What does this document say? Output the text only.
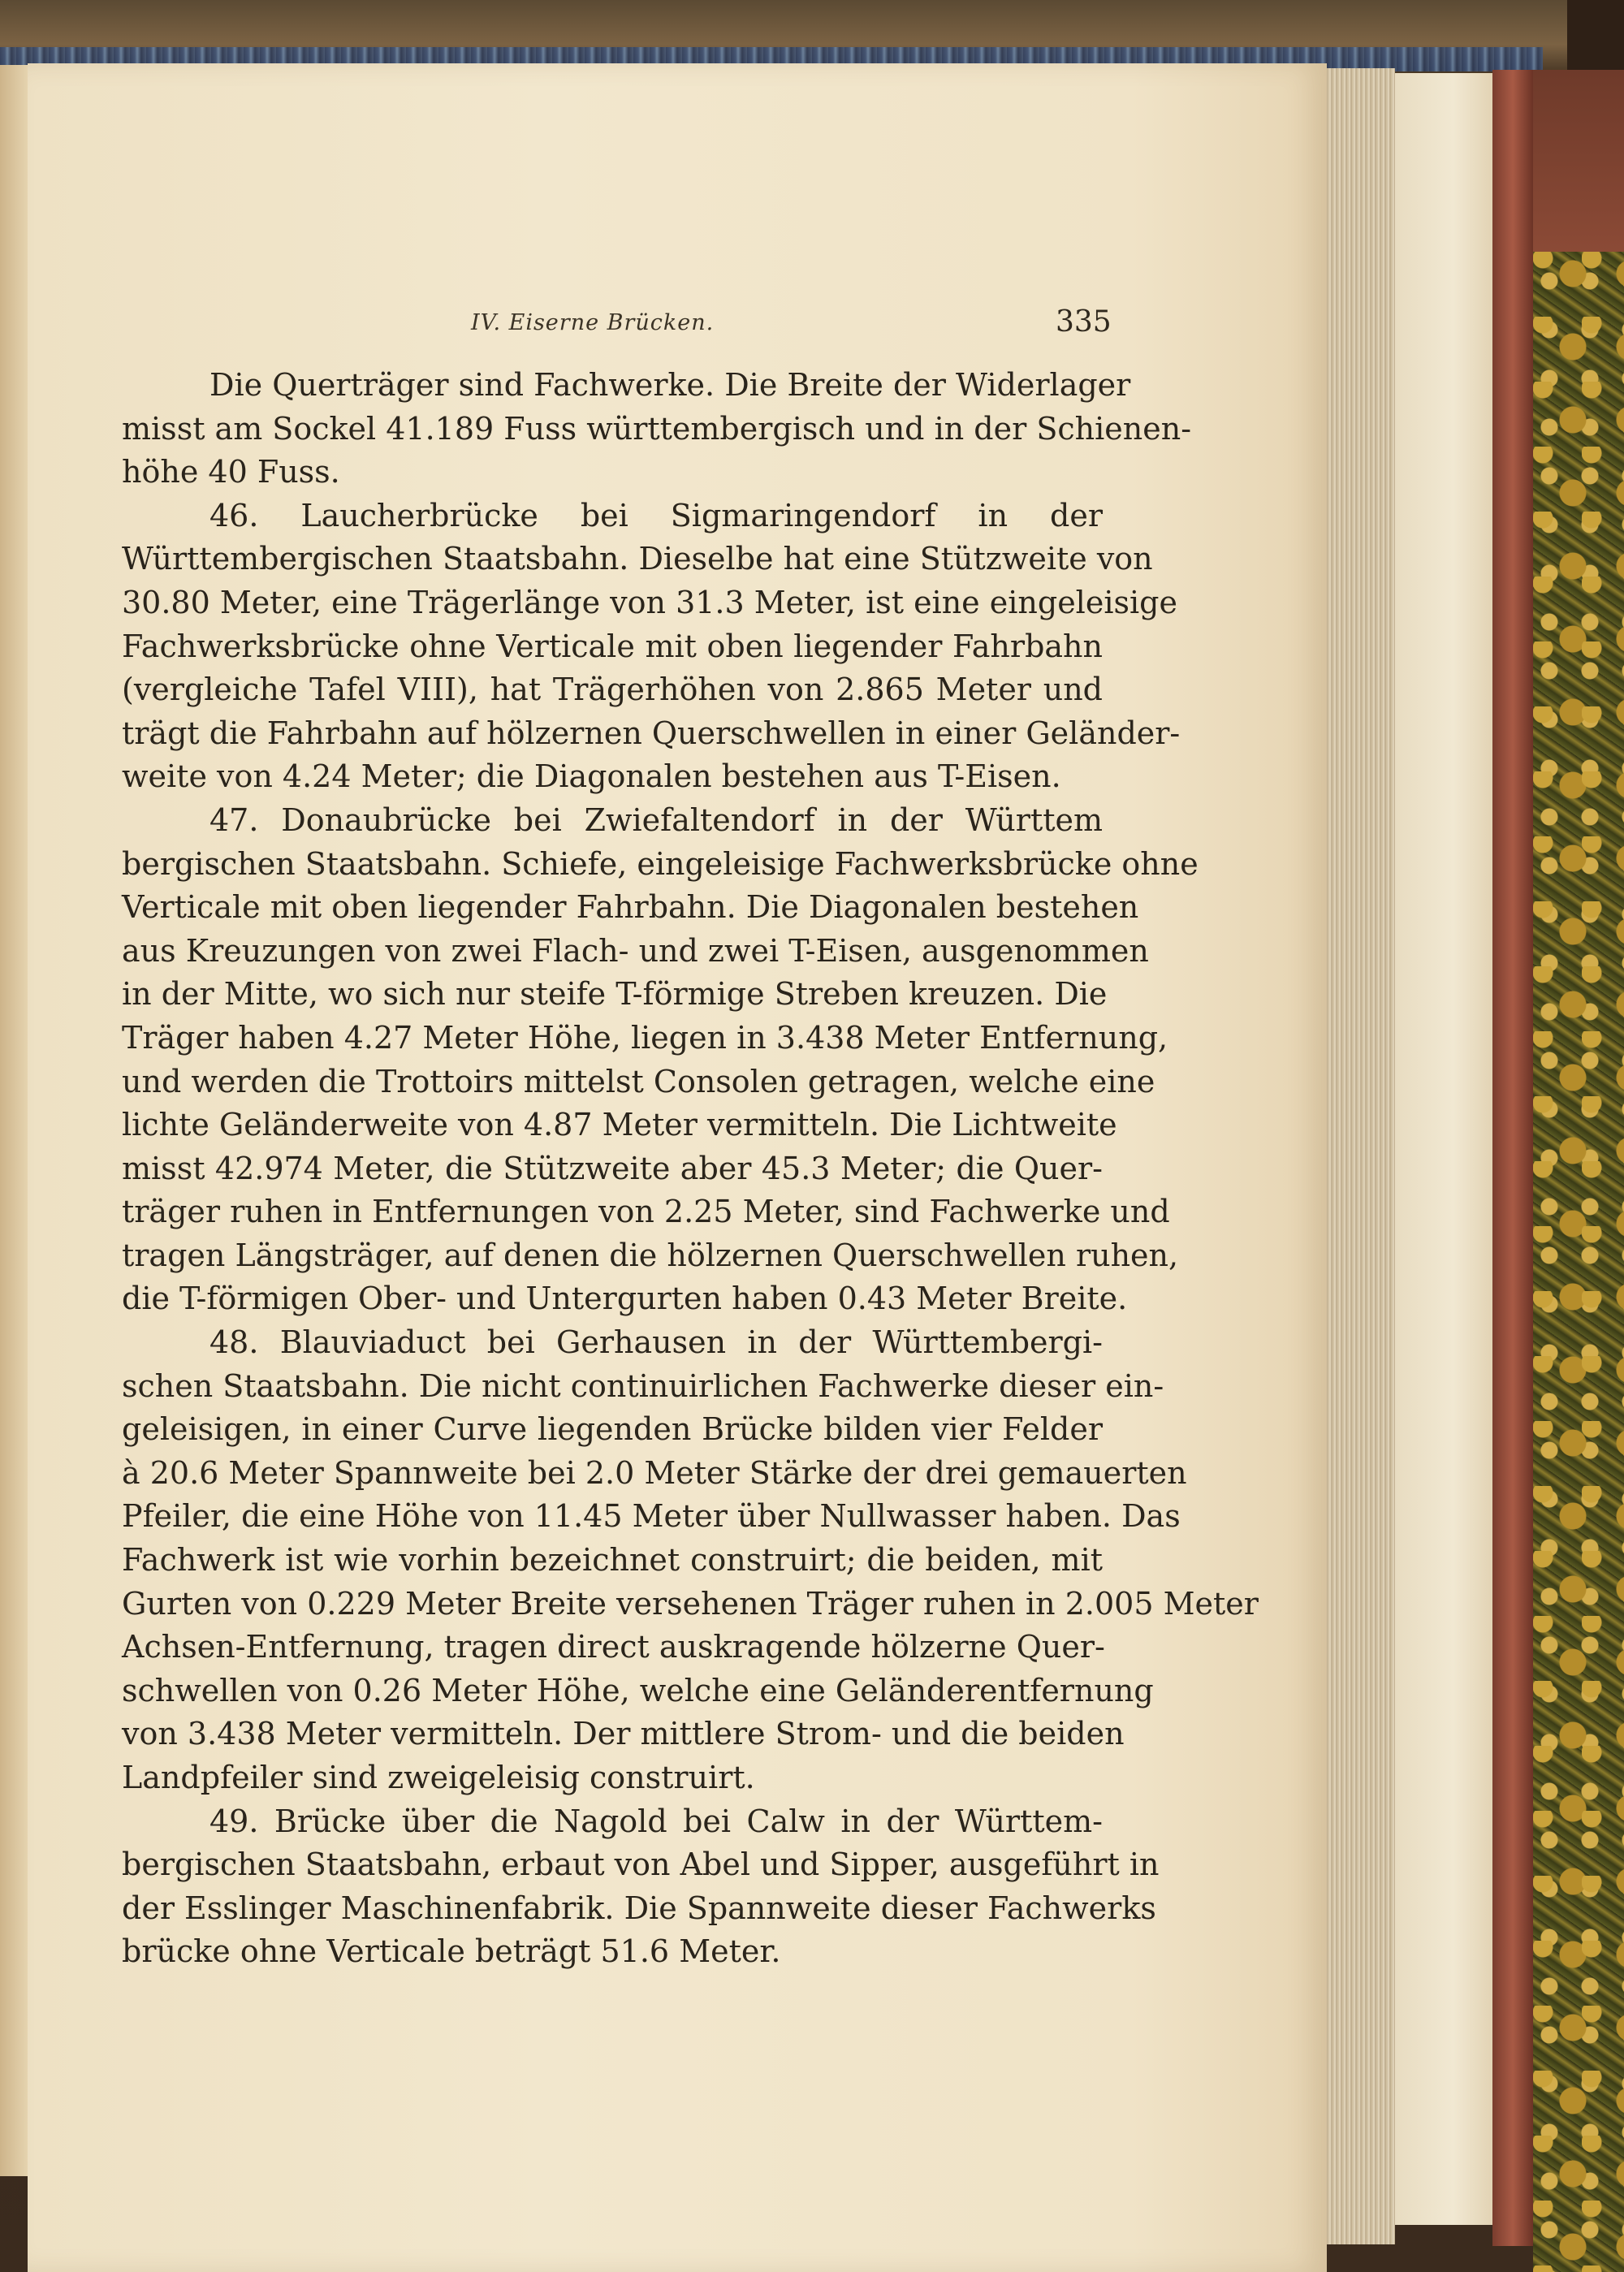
IV. Eiserne Brücken.	335
Die Querträger sind Fachwerke. Die Breite der Widerlager
misst am Sockel 41.189 Fuss württembergisch und in der Schienen-
höhe 40 Fuss.
46. Laucherbrücke bei Sigmaringendorf in der
Württembergischen Staatsbahn. Dieselbe hat eine Stützweite von
30.80 Meter, eine Trägerlänge von 31.3 Meter, ist eine eingeleisige
Fachwerksbrücke ohne Verticale mit oben liegender Fahrbahn
(vergleiche Tafel VIII), hat Trägerhöhen von 2.865 Meter und
trägt die Fahrbahn auf hölzernen Querschwellen in einer Geländer-
weite von 4.24 Meter; die Diagonalen bestehen aus T-Eisen.
47. Donaubrücke bei Zwiefaltendorf in der Württem
bergischen Staatsbahn. Schiefe, eingeleisige Fachwerksbrücke ohne
Verticale mit oben liegender Fahrbahn. Die Diagonalen bestehen
aus Kreuzungen von zwei Flach- und zwei T-Eisen, ausgenommen
in der Mitte, wo sich nur steife T-förmige Streben kreuzen. Die
Träger haben 4.27 Meter Höhe, liegen in 3.438 Meter Entfernung,
und werden die Trottoirs mittelst Consolen getragen, welche eine
lichte Geländerweite von 4.87 Meter vermitteln. Die Lichtweite
misst 42.974 Meter, die Stützweite aber 45.3 Meter; die Quer-
träger ruhen in Entfernungen von 2.25 Meter, sind Fachwerke und
tragen Längsträger, auf denen die hölzernen Querschwellen ruhen,
die T-förmigen Ober- und Untergurten haben 0.43 Meter Breite.
48. Blauviaduct bei Gerhausen in der Württembergi-
schen Staatsbahn. Die nicht continuirlichen Fachwerke dieser ein-
geleisigen, in einer Curve liegenden Brücke bilden vier Felder
à 20.6 Meter Spannweite bei 2.0 Meter Stärke der drei gemauerten
Pfeiler, die eine Höhe von 11.45 Meter über Nullwasser haben. Das
Fachwerk ist wie vorhin bezeichnet construirt; die beiden, mit
Gurten von 0.229 Meter Breite versehenen Träger ruhen in 2.005 Meter
Achsen-Entfernung, tragen direct auskragende hölzerne Quer-
schwellen von 0.26 Meter Höhe, welche eine Geländerentfernung
von 3.438 Meter vermitteln. Der mittlere Strom- und die beiden
Landpfeiler sind zweigeleisig construirt.
49. Brücke über die Nagold bei Calw in der Württem-
bergischen Staatsbahn, erbaut von Abel und Sipper, ausgeführt in
der Esslinger Maschinenfabrik. Die Spannweite dieser Fachwerks
brücke ohne Verticale beträgt 51.6 Meter.
